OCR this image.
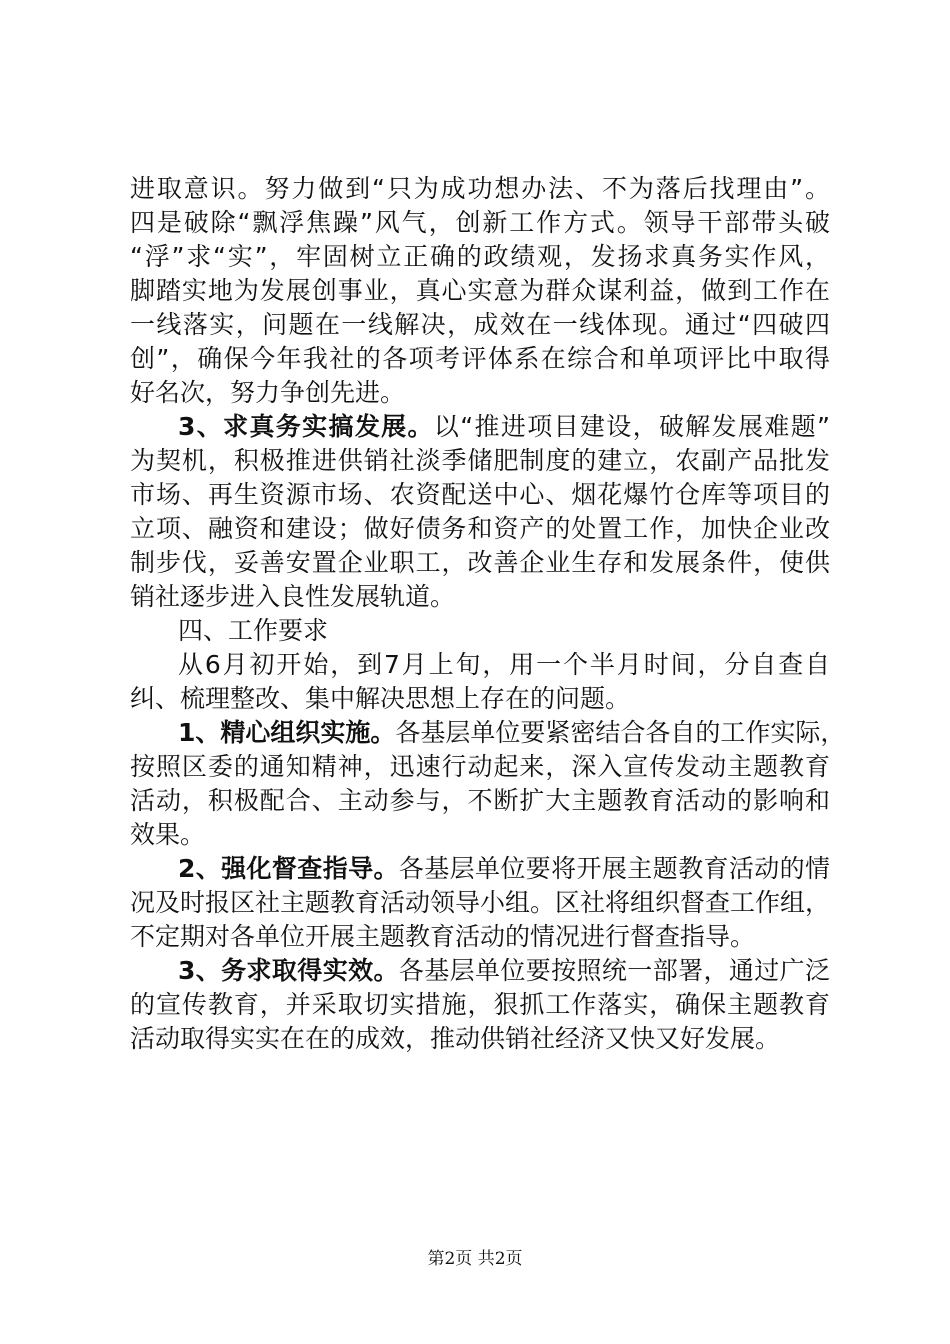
进取意识。努力做到“只为成功想办法、不为落后找理由”。
四是破除“飘浮焦躁”风气，创新工作方式。领导干部带头破
“浮”求“实”，牢固树立正确的政绩观，发扬求真务实作风，
脚踏实地为发展创事业，真心实意为群众谋利益，做到工作在
一线落实，问题在一线解决，成效在一线体现。通过“四破四
创”，确保今年我社的各项考评体系在综合和单项评比中取得
好名次，努力争创先进。
3、求真务实搞发展。以“推进项目建设，破解发展难题”
为契机，积极推进供销社淡季储肥制度的建立，农副产品批发
市场、再生资源市场、农资配送中心、烟花爆竹仓库等项目的
立项、融资和建设；做好债务和资产的处置工作，加快企业改
制步伐，妥善安置企业职工，改善企业生存和发展条件，使供
销社逐步进入良性发展轨道。
四、工作要求
从6月初开始，到7月上旬，用一个半月时间，分自查自
纠、梳理整改、集中解决思想上存在的问题。
1、精心组织实施。各基层单位要紧密结合各自的工作实际，
按照区委的通知精神，迅速行动起来，深入宣传发动主题教育
活动，积极配合、主动参与，不断扩大主题教育活动的影响和
效果。
2、强化督查指导。各基层单位要将开展主题教育活动的情
况及时报区社主题教育活动领导小组。区社将组织督查工作组，
不定期对各单位开展主题教育活动的情况进行督查指导。
3、务求取得实效。各基层单位要按照统一部署，通过广泛
的宣传教育，并采取切实措施，狠抓工作落实，确保主题教育
活动取得实实在在的成效，推动供销社经济又快又好发展。
第2页 共2页
